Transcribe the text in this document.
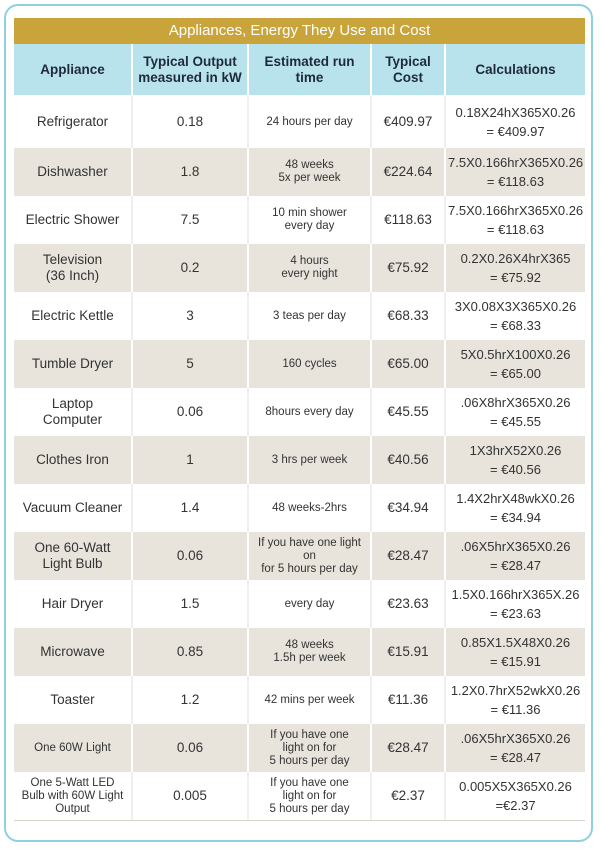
Appliances, Energy They Use and Cost
Appliance	Typical Output measured in kW	Estimated run time	Typical Cost	Calculations
Refrigerator	0.18	24 hours per day	€409.97	0.18X24hX365X0.26
= €409.97
Dishwasher	1.8	48 weeks
5x per week	€224.64	7.5X0.166hrX365X0.26
= €118.63
Electric Shower	7.5	10 min shower
every day	€118.63	7.5X0.166hrX365X0.26
= €118.63
Television
(36 Inch)	0.2	4 hours
every night	€75.92	0.2X0.26X4hrX365
= €75.92
Electric Kettle	3	3 teas per day	€68.33	3X0.08X3X365X0.26
= €68.33
Tumble Dryer	5	160 cycles	€65.00	5X0.5hrX100X0.26
= €65.00
Laptop
Computer	0.06	8hours every day	€45.55	.06X8hrX365X0.26
= €45.55
Clothes Iron	1	3 hrs per week	€40.56	1X3hrX52X0.26
= €40.56
Vacuum Cleaner	1.4	48 weeks-2hrs	€34.94	1.4X2hrX48wkX0.26
= €34.94
One 60-Watt
Light Bulb	0.06	If you have one light on
for 5 hours per day	€28.47	.06X5hrX365X0.26
= €28.47
Hair Dryer	1.5	every day	€23.63	1.5X0.166hrX365X.26
= €23.63
Microwave	0.85	48 weeks
1.5h per week	€15.91	0.85X1.5X48X0.26
= €15.91
Toaster	1.2	42 mins per week	€11.36	1.2X0.7hrX52wkX0.26
= €11.36
One 60W Light	0.06	If you have one
light on for
5 hours per day	€28.47	.06X5hrX365X0.26
= €28.47
One 5-Watt LED
Bulb with 60W Light
Output	0.005	If you have one
light on for
5 hours per day	€2.37	0.005X5X365X0.26
=€2.37
